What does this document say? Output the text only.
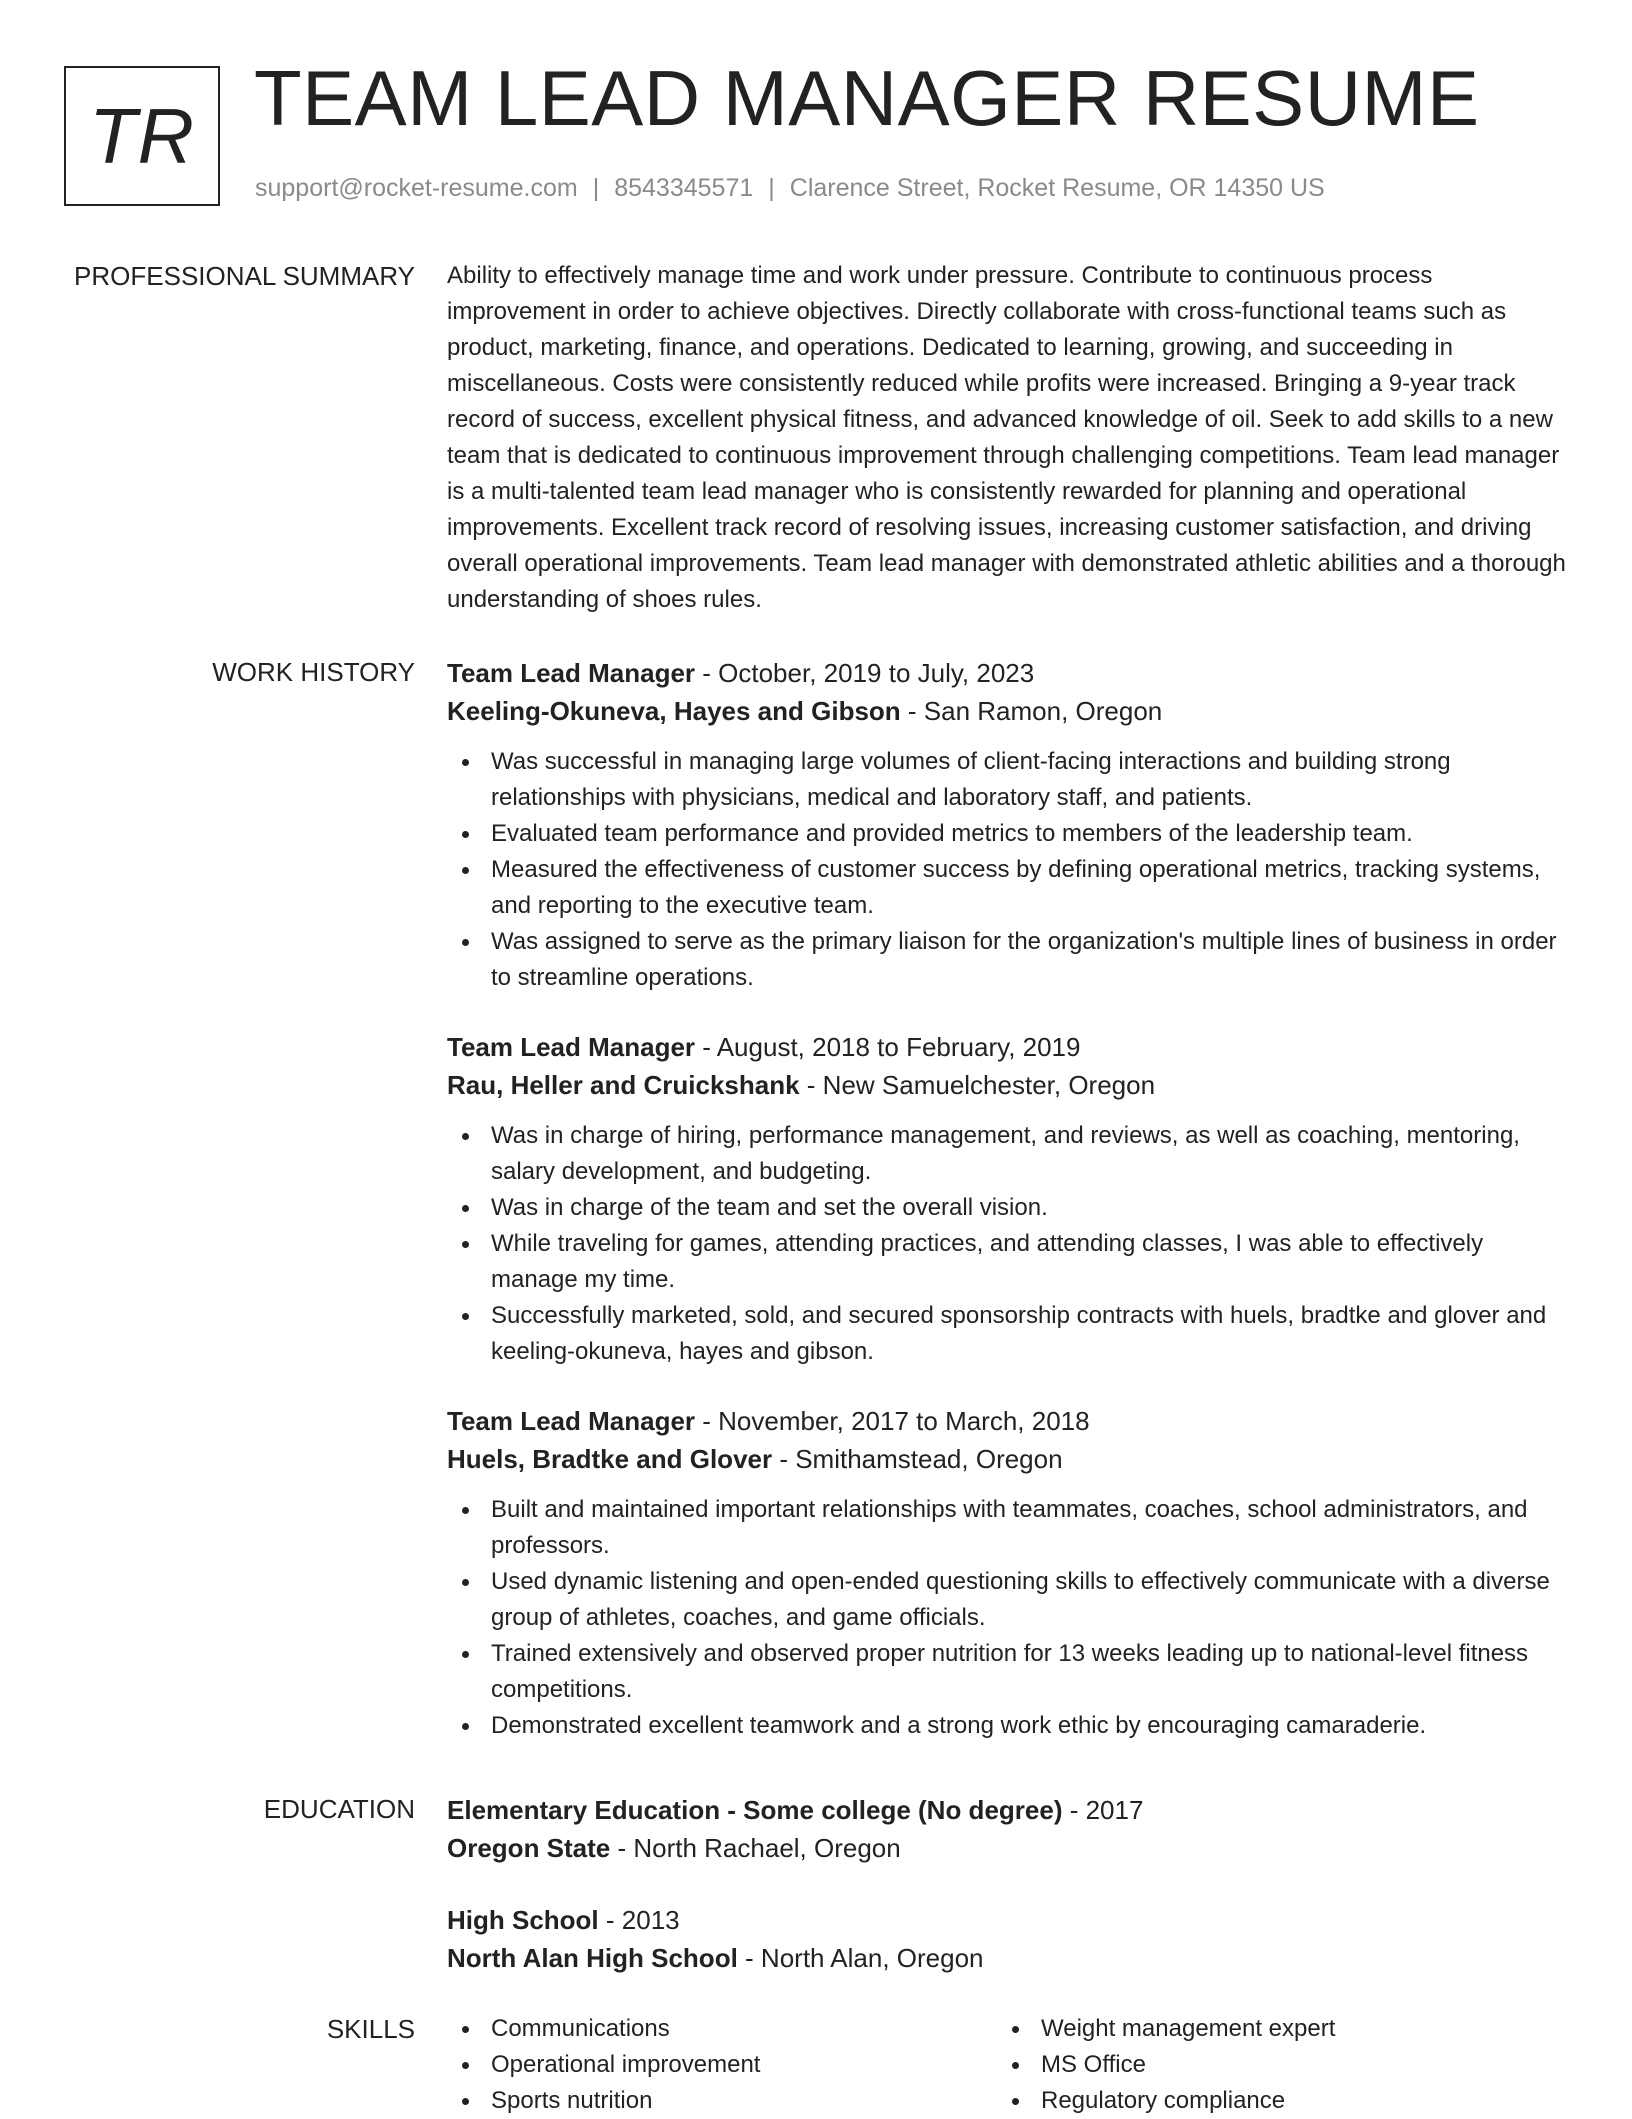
TR TEAM LEAD MANAGER RESUME
support@rocket-resume.com | 8543345571 | Clarence Street, Rocket Resume, OR 14350 US
PROFESSIONAL SUMMARY Ability to effectively manage time and work under pressure. Contribute to continuous process improvement in order to achieve objectives. Directly collaborate with cross-functional teams such as product, marketing, finance, and operations. Dedicated to learning, growing, and succeeding in miscellaneous. Costs were consistently reduced while profits were increased. Bringing a 9-year track record of success, excellent physical fitness, and advanced knowledge of oil. Seek to add skills to a new team that is dedicated to continuous improvement through challenging competitions. Team lead manager is a multi-talented team lead manager who is consistently rewarded for planning and operational improvements. Excellent track record of resolving issues, increasing customer satisfaction, and driving overall operational improvements. Team lead manager with demonstrated athletic abilities and a thorough understanding of shoes rules.

WORK HISTORY Team Lead Manager - October, 2019 to July, 2023
Keeling-Okuneva, Hayes and Gibson - San Ramon, Oregon
Was successful in managing large volumes of client-facing interactions and building strong relationships with physicians, medical and laboratory staff, and patients.
Evaluated team performance and provided metrics to members of the leadership team.
Measured the effectiveness of customer success by defining operational metrics, tracking systems, and reporting to the executive team.
Was assigned to serve as the primary liaison for the organization's multiple lines of business in order to streamline operations.
Team Lead Manager - August, 2018 to February, 2019
Rau, Heller and Cruickshank - New Samuelchester, Oregon
Was in charge of hiring, performance management, and reviews, as well as coaching, mentoring, salary development, and budgeting.
Was in charge of the team and set the overall vision.
While traveling for games, attending practices, and attending classes, I was able to effectively manage my time.
Successfully marketed, sold, and secured sponsorship contracts with huels, bradtke and glover and keeling-okuneva, hayes and gibson.
Team Lead Manager - November, 2017 to March, 2018
Huels, Bradtke and Glover - Smithamstead, Oregon
Built and maintained important relationships with teammates, coaches, school administrators, and professors.
Used dynamic listening and open-ended questioning skills to effectively communicate with a diverse group of athletes, coaches, and game officials.
Trained extensively and observed proper nutrition for 13 weeks leading up to national-level fitness competitions.
Demonstrated excellent teamwork and a strong work ethic by encouraging camaraderie.
EDUCATION Elementary Education - Some college (No degree) - 2017
Oregon State - North Rachael, Oregon
High School - 2013
North Alan High School - North Alan, Oregon
SKILLS	Communications
Operational improvement
Sports nutrition
Weight management expert
MS Office
Regulatory compliance
